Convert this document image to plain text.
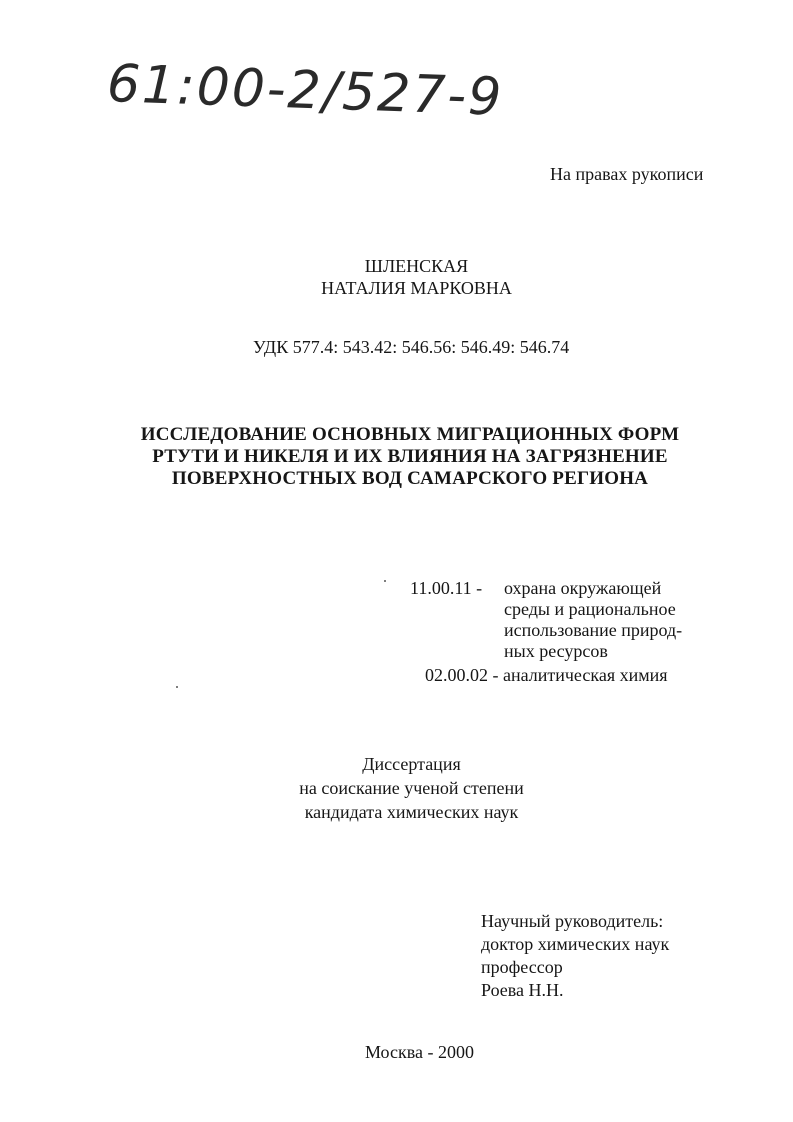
61:00-2/527-9
На правах рукописи
ШЛЕНСКАЯ
НАТАЛИЯ МАРКОВНА
УДК 577.4: 543.42: 546.56: 546.49: 546.74
ИССЛЕДОВАНИЕ ОСНОВНЫХ МИГРАЦИОННЫХ ФОРМ
РТУТИ И НИКЕЛЯ И ИХ ВЛИЯНИЯ НА ЗАГРЯЗНЕНИЕ
ПОВЕРХНОСТНЫХ ВОД САМАРСКОГО РЕГИОНА
11.00.11 - охрана окружающей
среды и рациональное
использование природ-
ных ресурсов
02.00.02 - аналитическая химия
Диссертация
на соискание ученой степени
кандидата химических наук
Научный руководитель:
доктор химических наук
профессор
Роева Н.Н.
Москва - 2000
